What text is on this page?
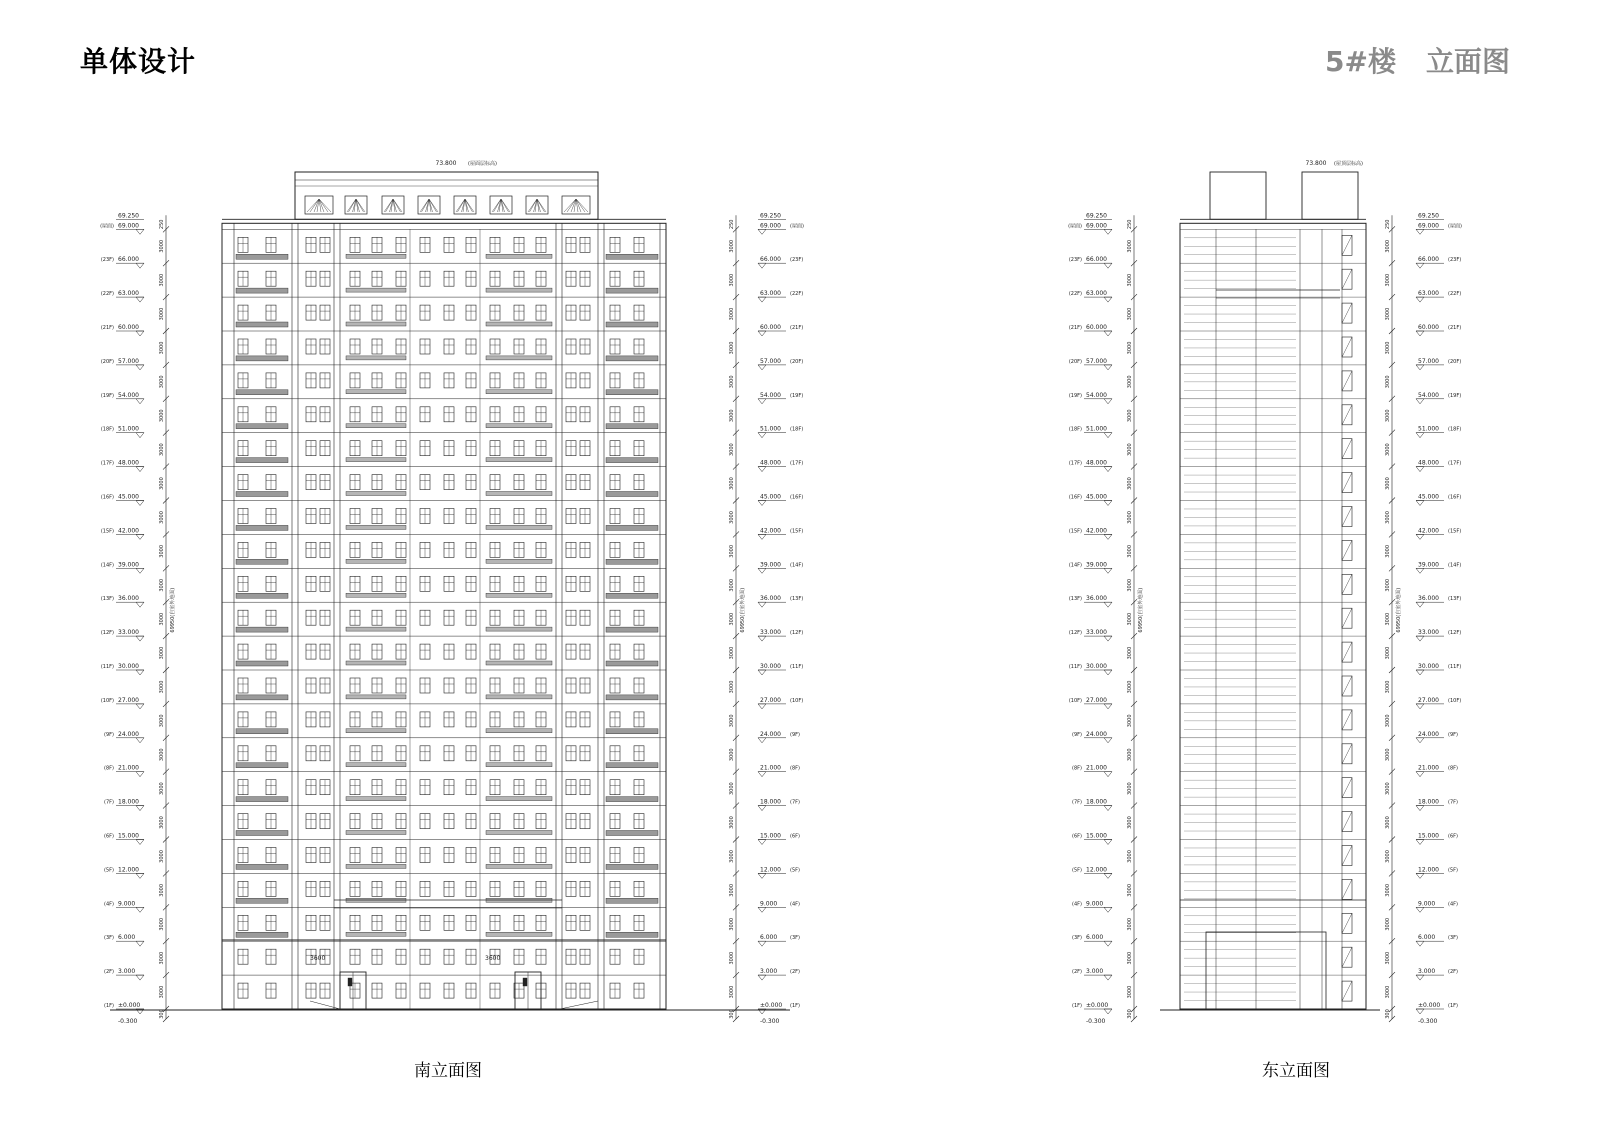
单体设计	5#楼 立面图
73.800 (屋面层标高)
3600	3600
73.800 (屋顶层标高)
±0.000
(1F)
3000
3.000
(2F)
3000
6.000
(3F)
3000
9.000
(4F)
3000
12.000
(5F)
3000
15.000
(6F)
3000
18.000
(7F)
3000
21.000
(8F)
3000
24.000
(9F)
3000
27.000
(10F)
3000
30.000
(11F)
3000
33.000
(12F)
3000
36.000
(13F)
3000
39.000
(14F)
3000
42.000
(15F)
3000
45.000
(16F)
3000
48.000
(17F)
3000
51.000
(18F)
3000
54.000
(19F)
3000
57.000
(20F)
3000
60.000
(21F)
3000
63.000
(22F)
3000
66.000
(23F)
3000
69.000
(屋面)
69.250
250
300
-0.300
69950(自室外地面)
±0.000 (1F)
3000
3.000	(2F)
3000
6.000	(3F)
3000
9.000	(4F)
3000
12.000 (5F)
3000
15.000 (6F)
3000
18.000 (7F)
3000
21.000 (8F)
3000
24.000 (9F)
3000
27.000 (10F)
3000
30.000 (11F)
3000
33.000 (12F)
3000
36.000 (13F)
3000
39.000 (14F)
3000
42.000 (15F)
3000
45.000 (16F)
3000
48.000 (17F)
3000
51.000 (18F)
3000
54.000 (19F)
3000
57.000 (20F)
3000
60.000 (21F)
3000
63.000 (22F)
3000
66.000 (23F)
3000
69.000 (屋面)
69.250
250
300
-0.300
69950(自室外地面)
±0.000
(1F)
3000
3.000
(2F)
3000
6.000
(3F)
3000
9.000
(4F)
3000
12.000
(5F)
3000
15.000
(6F)
3000
18.000
(7F)
3000
21.000
(8F)
3000
24.000
(9F)
3000
27.000
(10F)
3000
30.000
(11F)
3000
33.000
(12F)
3000
36.000
(13F)
3000
39.000
(14F)
3000
42.000
(15F)
3000
45.000
(16F)
3000
48.000
(17F)
3000
51.000
(18F)
3000
54.000
(19F)
3000
57.000
(20F)
3000
60.000
(21F)
3000
63.000
(22F)
3000
66.000
(23F)
3000
69.000
(屋面)
69.250
250
300
-0.300
69950(自室外地面)
±0.000 (1F)
3000
3.000	(2F)
3000
6.000	(3F)
3000
9.000	(4F)
3000
12.000 (5F)
3000
15.000 (6F)
3000
18.000 (7F)
3000
21.000 (8F)
3000
24.000 (9F)
3000
27.000 (10F)
3000
30.000 (11F)
3000
33.000 (12F)
3000
36.000 (13F)
3000
39.000 (14F)
3000
42.000 (15F)
3000
45.000 (16F)
3000
48.000 (17F)
3000
51.000 (18F)
3000
54.000 (19F)
3000
57.000 (20F)
3000
60.000 (21F)
3000
63.000 (22F)
3000
66.000 (23F)
3000
69.000 (屋面)
69.250
250
300
-0.300
69950(自室外地面)
南立面图	东立面图
